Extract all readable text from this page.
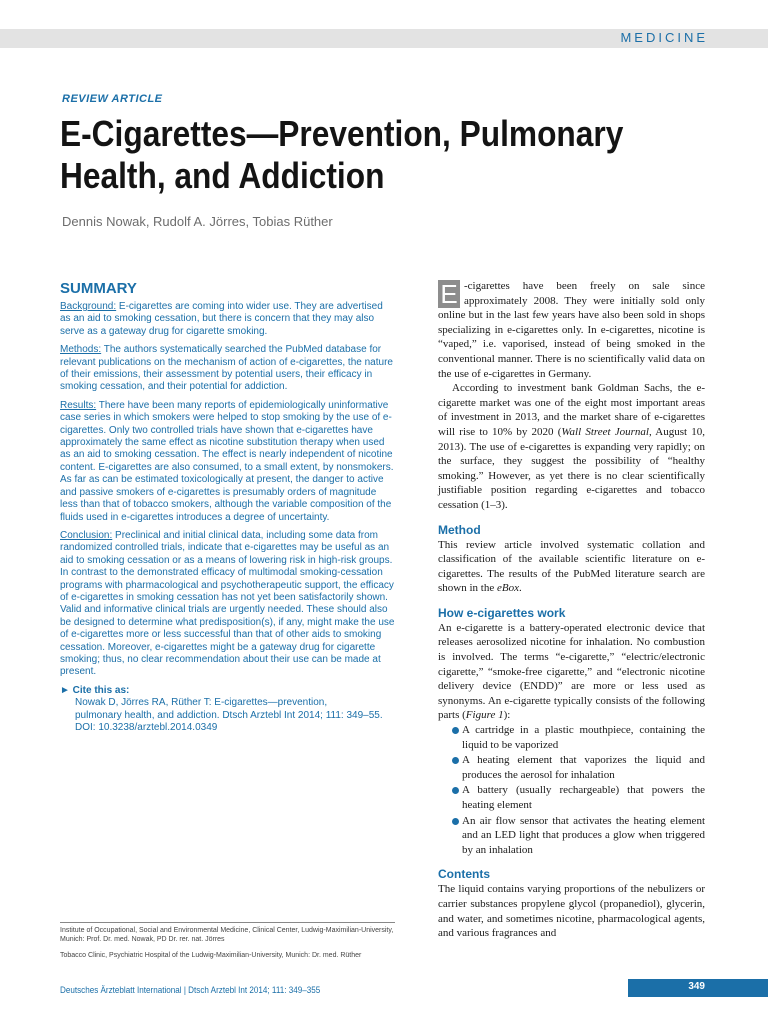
MEDICINE
REVIEW ARTICLE
E-Cigarettes—Prevention, Pulmonary Health, and Addiction
Dennis Nowak, Rudolf A. Jörres, Tobias Rüther
SUMMARY

Background: E-cigarettes are coming into wider use. They are advertised as an aid to smoking cessation, but there is concern that they may also serve as a gateway drug for cigarette smoking.

Methods: The authors systematically searched the PubMed database for relevant publications on the mechanism of action of e-cigarettes, the nature of their emissions, their assessment by potential users, their efficacy in smoking cessation, and their potential for addiction.

Results: There have been many reports of epidemiologically uninformative case series in which smokers were helped to stop smoking by the use of e-cigarettes. Only two controlled trials have shown that e-cigarettes have approximately the same effect as nicotine substitution therapy when used as an aid to smoking cessation. The effect is nearly independent of nicotine content. E-cigarettes are also consumed, to a small extent, by nonsmokers. As far as can be estimated toxicologically at present, the danger to active and passive smokers of e-cigarettes is presumably orders of magnitude less than that of tobacco smokers, although the variable composition of the fluids used in e-cigarettes introduces a degree of uncertainty.

Conclusion: Preclinical and initial clinical data, including some data from randomized controlled trials, indicate that e-cigarettes may be useful as an aid to smoking cessation or as a means of lowering risk in high-risk groups. In contrast to the demonstrated efficacy of multimodal smoking-cessation programs with pharmacological and psychotherapeutic support, the efficacy of e-cigarettes in smoking cessation has not yet been satisfactorily shown. Valid and informative clinical trials are urgently needed. These should also be designed to determine what predisposition(s), if any, might make the use of e-cigarettes more or less successful than that of other aids to smoking cessation. Moreover, e-cigarettes might be a gateway drug for cigarette smoking; thus, no clear recommendation about their use can be made at present.

► Cite this as:
Nowak D, Jörres RA, Rüther T: E-cigarettes—prevention,
pulmonary health, and addiction. Dtsch Arztebl Int 2014; 111: 349–55.
DOI: 10.3238/arztebl.2014.0349

E -cigarettes have been freely on sale since approximately 2008. They were initially sold only online but in the last few years have also been sold in shops specializing in e-cigarettes only. In e-cigarettes, nicotine is “vaped,” i.e. vaporised, instead of being smoked in the conventional manner. There is no scientifically valid data on the use of e-cigarettes in Germany.

According to investment bank Goldman Sachs, the e-cigarette market was one of the eight most important areas of investment in 2013, and the market share of e-cigarettes will rise to 10% by 2020 (Wall Street Journal, August 10, 2013). The use of e-cigarettes is expanding very rapidly; on the surface, they suggest the possibility of “healthy smoking.” However, as yet there is no clear scientifically justifiable position regarding e-cigarettes and tobacco cessation (1–3).

Method

This review article involved systematic collation and classification of the available scientific literature on e-cigarettes. The results of the PubMed literature search are shown in the eBox.

How e-cigarettes work

An e-cigarette is a battery-operated electronic device that releases aerosolized nicotine for inhalation. No combustion is involved. The terms “e-cigarette,” “electric/electronic cigarette,” “smoke-free cigarette,” and “electronic nicotine delivery device (ENDD)” are more or less used as synonyms. An e-cigarette typically consists of the following parts (Figure 1):

A cartridge in a plastic mouthpiece, containing the liquid to be vaporized
A heating element that vaporizes the liquid and produces the aerosol for inhalation
A battery (usually rechargeable) that powers the heating element
An air flow sensor that activates the heating element and an LED light that produces a glow when triggered by an inhalation
Contents

The liquid contains varying proportions of the nebulizers or carrier substances propylene glycol (propanediol), glycerin, and water, and sometimes nicotine, pharmacological agents, and various fragrances and

Institute of Occupational, Social and Environmental Medicine, Clinical Center, Ludwig-Maximilian-University, Munich: Prof. Dr. med. Nowak, PD Dr. rer. nat. Jörres
Tobacco Clinic, Psychiatric Hospital of the Ludwig-Maximilian-University, Munich: Dr. med. Rüther
Deutsches Ärzteblatt International | Dtsch Arztebl Int 2014; 111: 349–355	349
